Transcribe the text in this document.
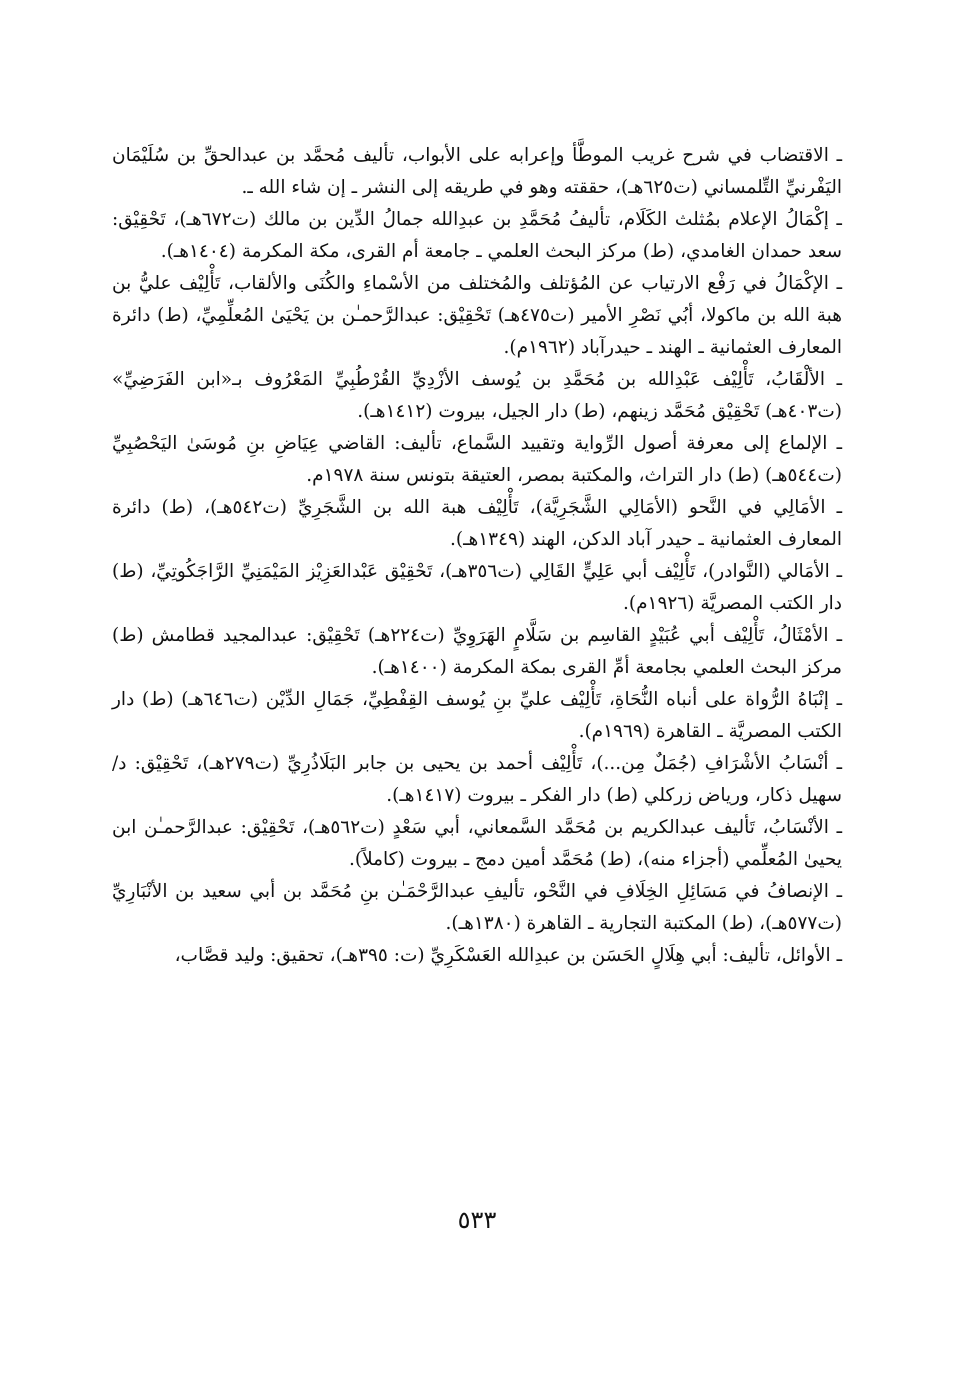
ـ الاقتضاب في شرح غريب الموطَّأ وإعرابه على الأبواب، تأليف مُحمَّد بن عبدالحقِّ بن سُلَيْمَان اليَفْرنيِّ التِّلمساني (ت٦٢٥هـ)، حققته وهو في طريقه إلى النشر ـ إن شاء الله ـ.

ـ إكْمَالُ الإعلام بمُثلث الكَلَام، تأليفُ مُحَمَّدِ بن عبدِالله جمالُ الدِّين بن مالك (ت٦٧٢هـ)، تَحْقِيْق: سعد حمدان الغامدي، (ط) مركز البحث العلمي ـ جامعة أم القرى، مكة المكرمة (١٤٠٤هـ).

ـ الإكْمَالُ في رَفْع الارتياب عن المُؤتلف والمُختلف من الأسْماءِ والكُنَى والألقاب، تَأْلِيْف عليُّ بن هبة الله بن ماكولا، أبُي نَصْرِ الأمير (ت٤٧٥هـ) تَحْقِيْق: عبدالرَّحمـٰن بن يَحْيَىٰ المُعلِّمِيِّ، (ط) دائرة المعارف العثمانية ـ الهند ـ حيدرآباد (١٩٦٢م).

ـ الألْقَابُ، تَأْلِيْف عَبْدِالله بن مُحَمَّدِ بن يُوسف الأزْدِيِّ القُرْطُبِيِّ المَعْرُوف بـ«ابن الفَرَضِيِّ» (ت٤٠٣هـ) تَحْقِيْق مُحَمَّد زينهم، (ط) دار الجيل، بيروت (١٤١٢هـ).

ـ الإلماع إلى معرفة أصول الرِّواية وتقييد السَّماع، تأليف: القاضي عِيَاضِ بنِ مُوسَىٰ اليَحْصُبِيِّ (ت٥٤٤هـ) (ط) دار التراث، والمكتبة بمصر، العتيقة بتونس سنة ١٩٧٨م.

ـ الأمَالِي في النَّحو (الأمَالِي الشَّجَرِيَّة)، تَأْلِيْف هبة الله بن الشَّجَرِيِّ (ت٥٤٢هـ)، (ط) دائرة المعارف العثمانية ـ حيدر آباد الدكن، الهند (١٣٤٩هـ).

ـ الأمَالي (النَّوادر)، تَأْلِيْف أبي عَلِيٍّ القَالِي (ت٣٥٦هـ)، تَحْقِيْق عَبْدالعَزِيْز المَيْمَنِيِّ الرَّاجَكُوتِيِّ، (ط) دار الكتب المصريَّة (١٩٢٦م).

ـ الأمْثَالُ، تَأْلِيْف أبي عُبَيْدٍ القاسِم بن سَلَّامٍ الهَرَوِيِّ (ت٢٢٤هـ) تَحْقِيْق: عبدالمجيد قطامش (ط) مركز البحث العلمي بجامعة أمِّ القرى بمكة المكرمة (١٤٠٠هـ).

ـ إنْبَاهُ الرُّواة على أنباه النُّحَاةِ، تَأْلِيْف عليِّ بنِ يُوسف القِفْطِيِّ، جَمَالِ الدِّيْن (ت٦٤٦هـ) (ط) دار الكتب المصريَّة ـ القاهرة (١٩٦٩م).

ـ أنْسَابُ الأشْرَافِ (جُمَلٌ مِن...)، تَأْلِيْف أحمد بن يحيى بن جابر البَلَاذُرِيِّ (ت٢٧٩هـ)، تَحْقِيْق: د/ سهيل ذكار، ورياض زركلي (ط) دار الفكر ـ بيروت (١٤١٧هـ).

ـ الأنْسَابُ، تَأليف عبدالكريم بن مُحَمَّد السَّمعاني، أبي سَعْدٍ (ت٥٦٢هـ)، تَحْقِيْق: عبدالرَّحمـٰن ابن يحيىٰ المُعلِّمي (أجزاء منه)، (ط) مُحَمَّد أمين دمج ـ بيروت (كاملاً).

ـ الإنصافُ في مَسَائِلِ الخِلَافِ في النَّحْو، تأليفِ عبدالرَّحْمَـٰن بنِ مُحَمَّد بن أبي سعيد بن الأنْبَارِيِّ (ت٥٧٧هـ)، (ط) المكتبة التجارية ـ القاهرة (١٣٨٠هـ).

ـ الأوائل، تأليف: أبي هِلَالٍ الحَسَن بن عبدِالله العَسْكَرِيِّ (ت: ٣٩٥هـ)، تحقيق: وليد قصَّاب،

٥٣٣
